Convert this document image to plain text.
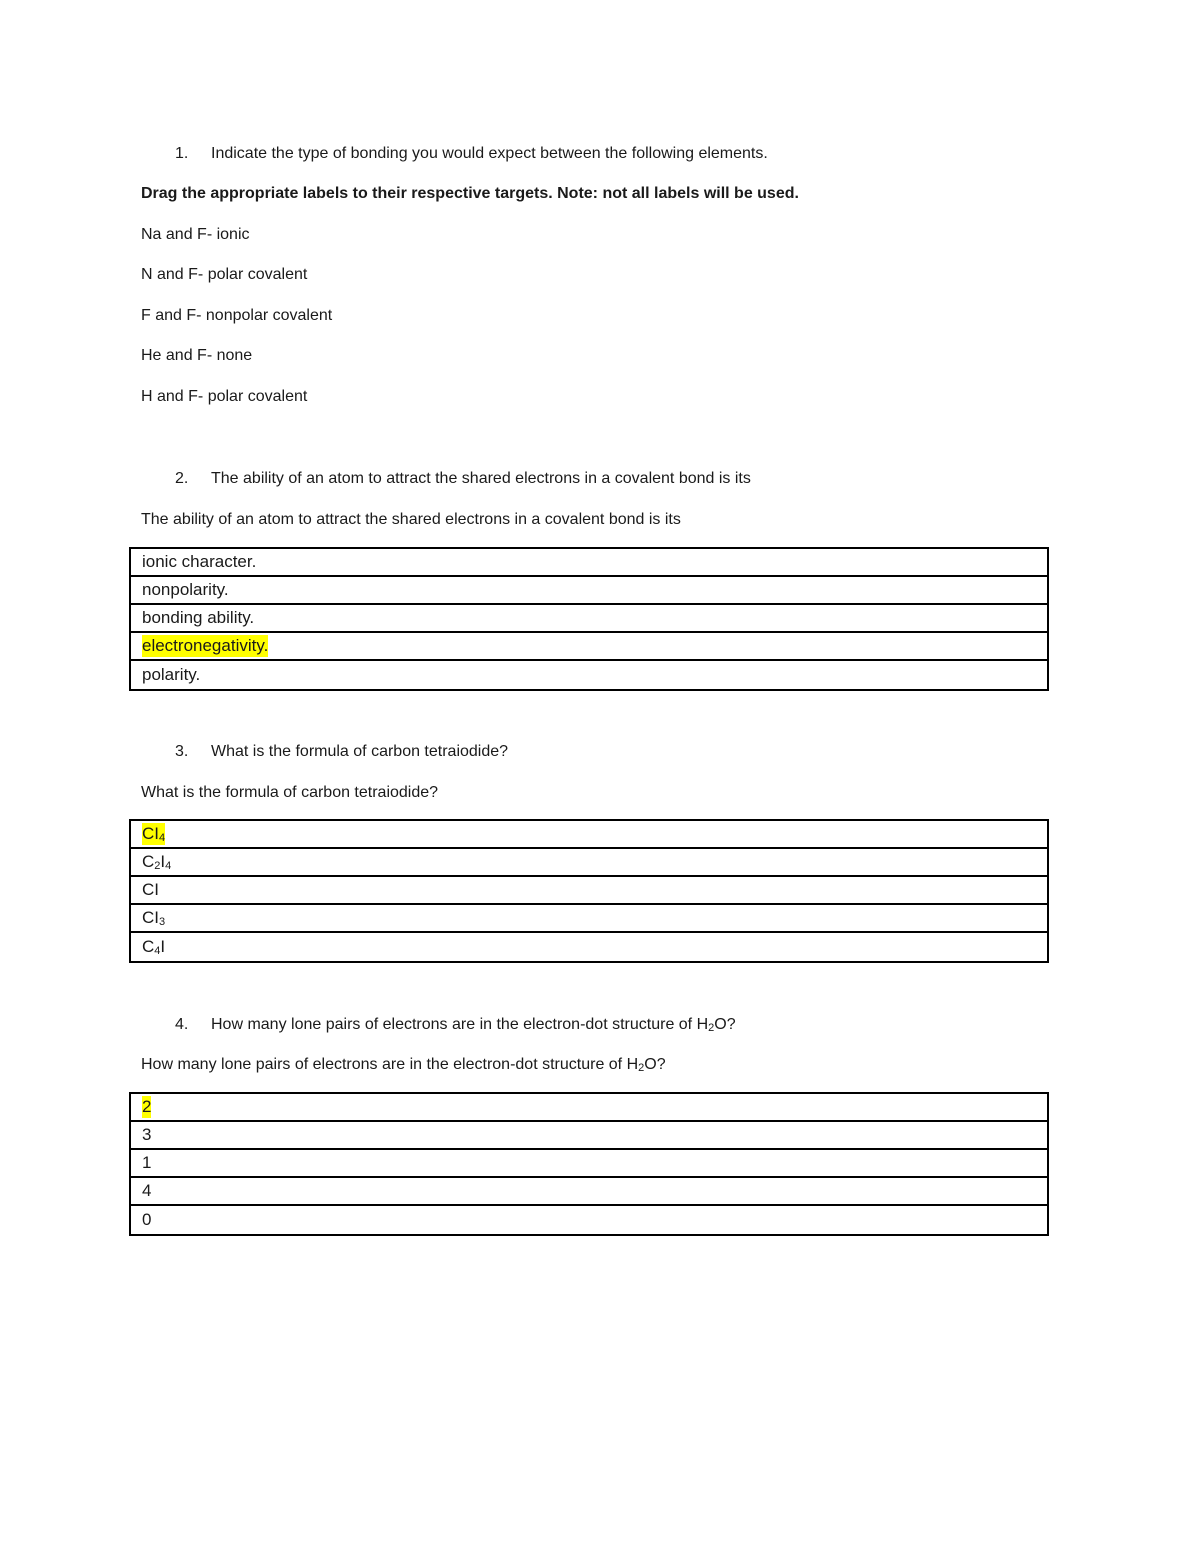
1. Indicate the type of bonding you would expect between the following elements.
Drag the appropriate labels to their respective targets. Note: not all labels will be used.
Na and F- ionic
N and F- polar covalent
F and F- nonpolar covalent
He and F- none
H and F- polar covalent
2. The ability of an atom to attract the shared electrons in a covalent bond is its
The ability of an atom to attract the shared electrons in a covalent bond is its
ionic character.
nonpolarity.
bonding ability.
electronegativity.
polarity.
3. What is the formula of carbon tetraiodide?
What is the formula of carbon tetraiodide?
$CI_4$
$C_2I_4$
CI
$CI_3$
$C_4I$
4. How many lone pairs of electrons are in the electron-dot structure of $H_2O$?
How many lone pairs of electrons are in the electron-dot structure of $H_2O$?
2
3
1
4
0
